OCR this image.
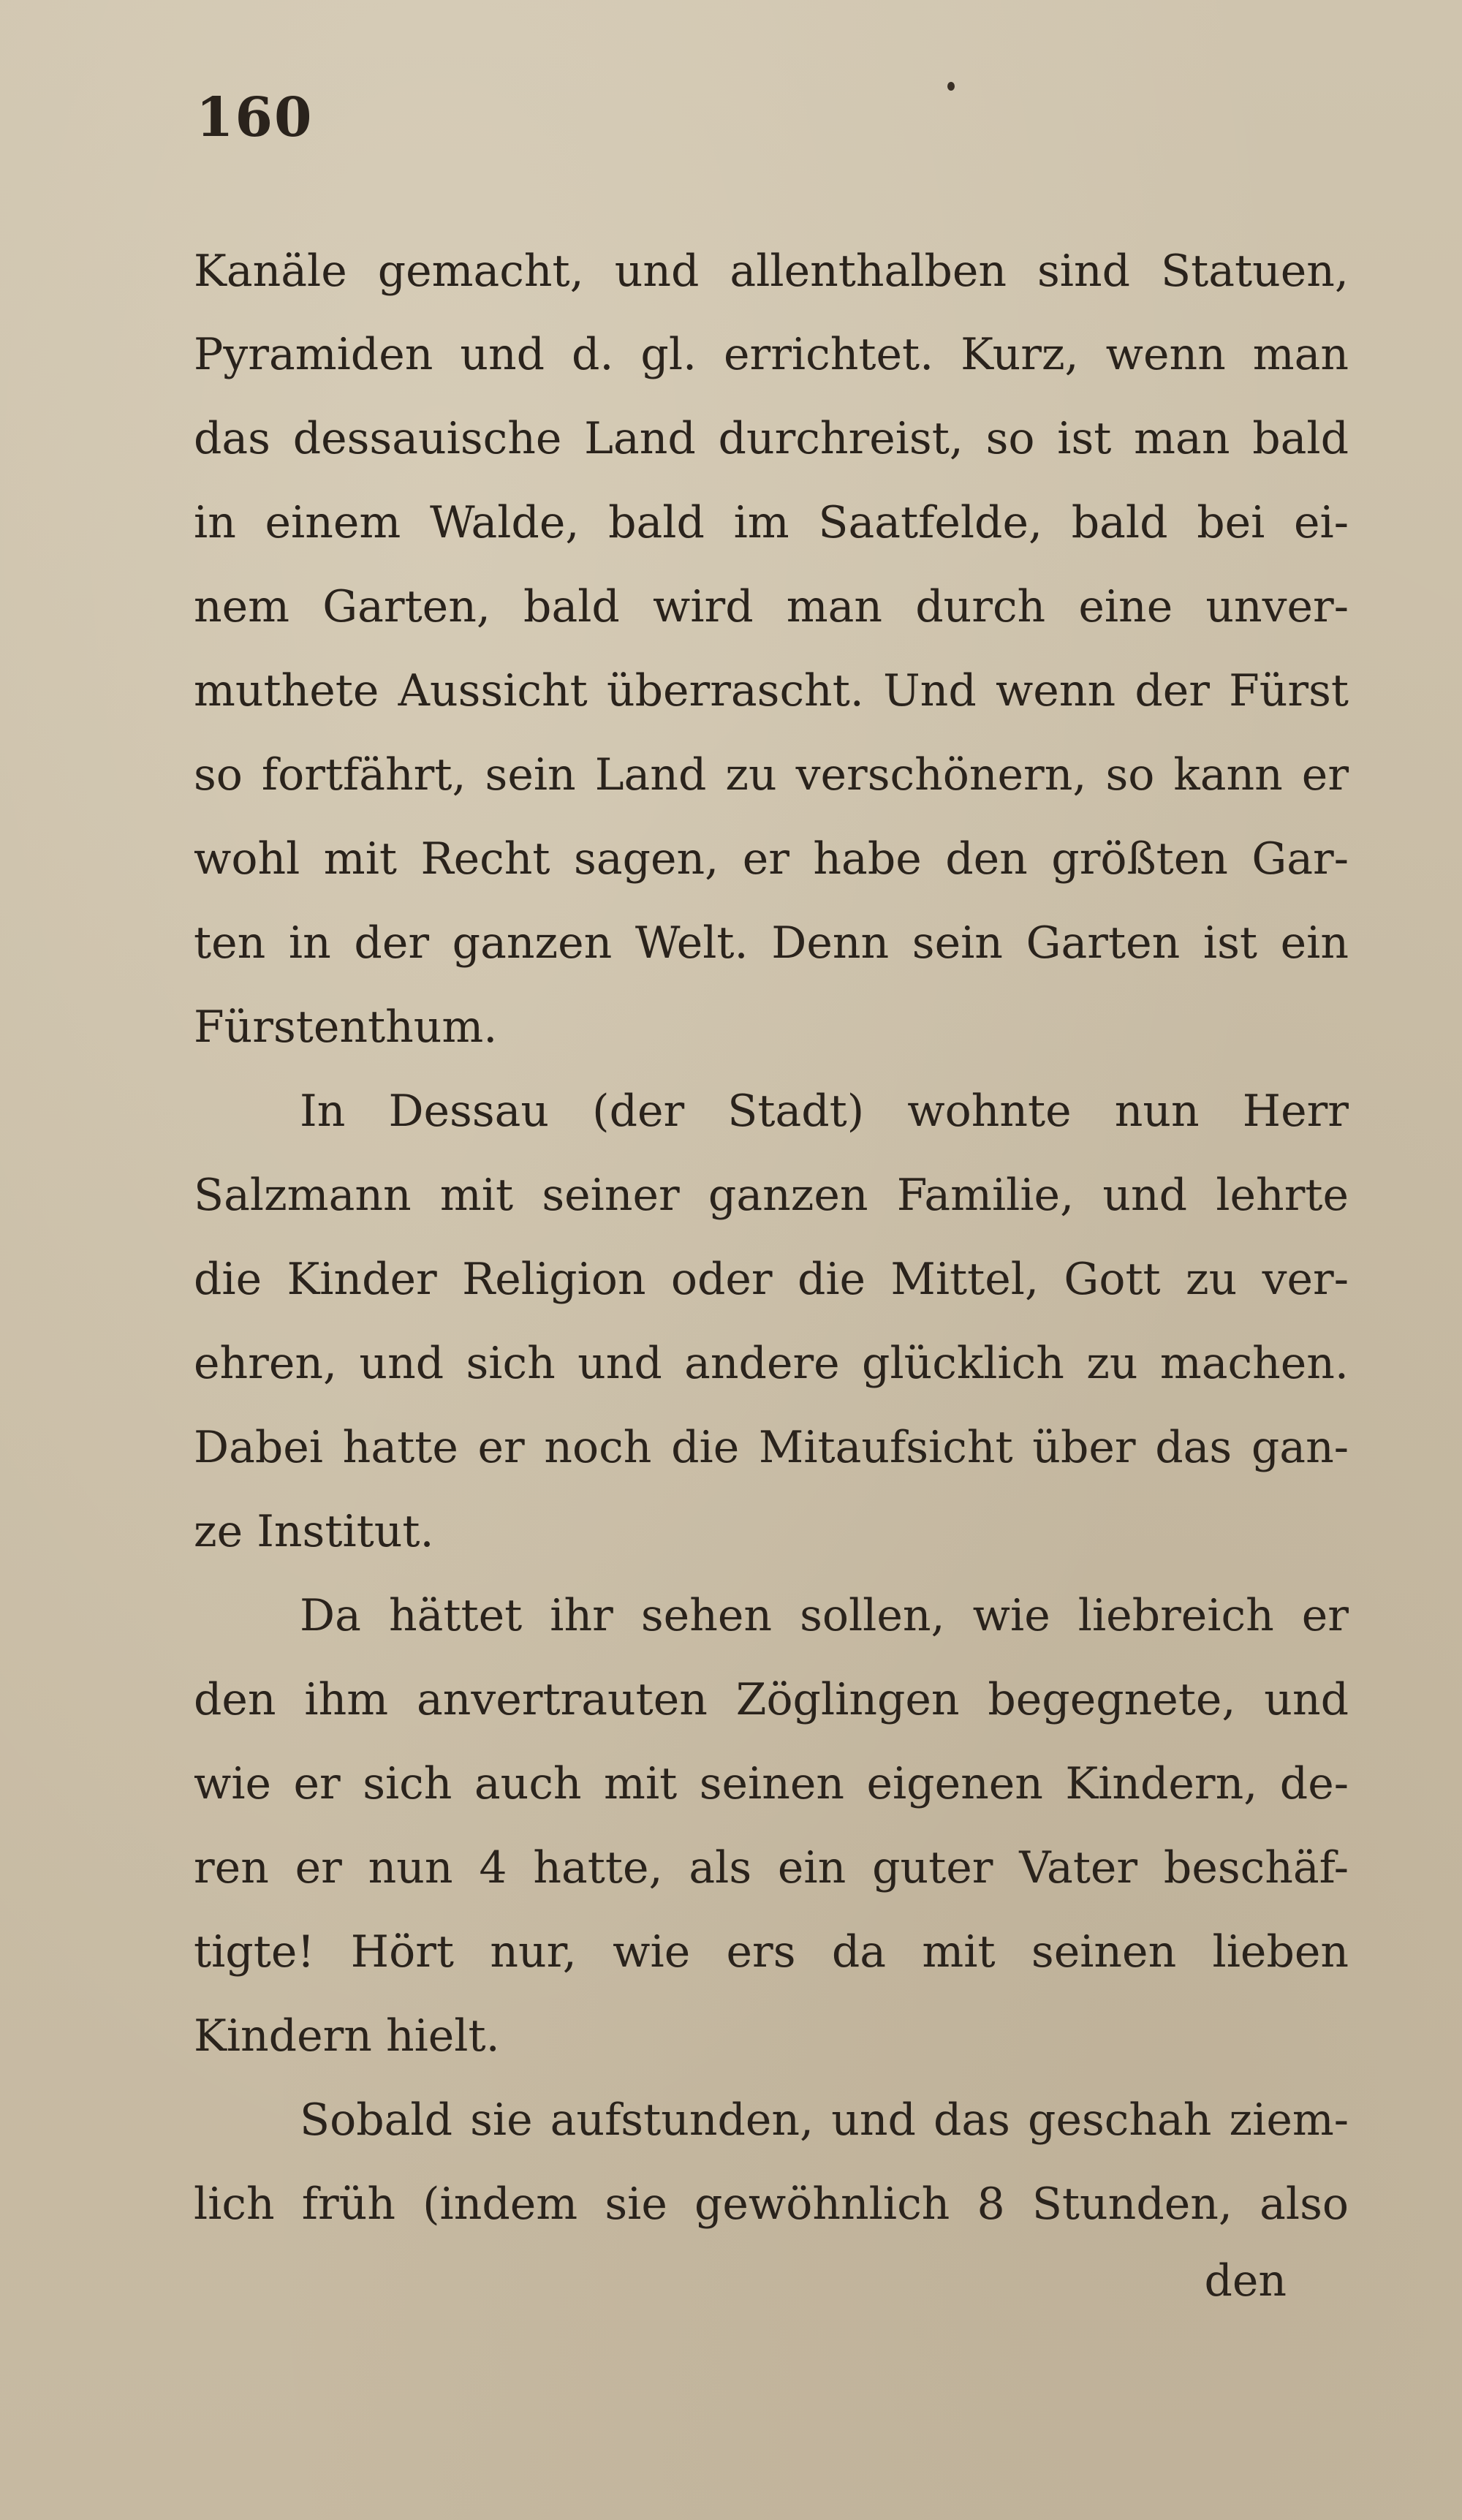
160
Kanäle gemacht, und allenthalben sind Statuen,
Pyramiden und d. gl. errichtet. Kurz, wenn man
das dessauische Land durchreist, so ist man bald
in einem Walde, bald im Saatfelde, bald bei ei-
nem Garten, bald wird man durch eine unver-
muthete Aussicht überrascht. Und wenn der Fürst
so fortfährt, sein Land zu verschönern, so kann er
wohl mit Recht sagen, er habe den größten Gar-
ten in der ganzen Welt. Denn sein Garten ist ein
Fürstenthum.
In Dessau (der Stadt) wohnte nun Herr
Salzmann mit seiner ganzen Familie, und lehrte
die Kinder Religion oder die Mittel, Gott zu ver-
ehren, und sich und andere glücklich zu machen.
Dabei hatte er noch die Mitaufsicht über das gan-
ze Institut.
Da hättet ihr sehen sollen, wie liebreich er
den ihm anvertrauten Zöglingen begegnete, und
wie er sich auch mit seinen eigenen Kindern, de-
ren er nun 4 hatte, als ein guter Vater beschäf-
tigte! Hört nur, wie ers da mit seinen lieben
Kindern hielt.
Sobald sie aufstunden, und das geschah ziem-
lich früh (indem sie gewöhnlich 8 Stunden, also
den
